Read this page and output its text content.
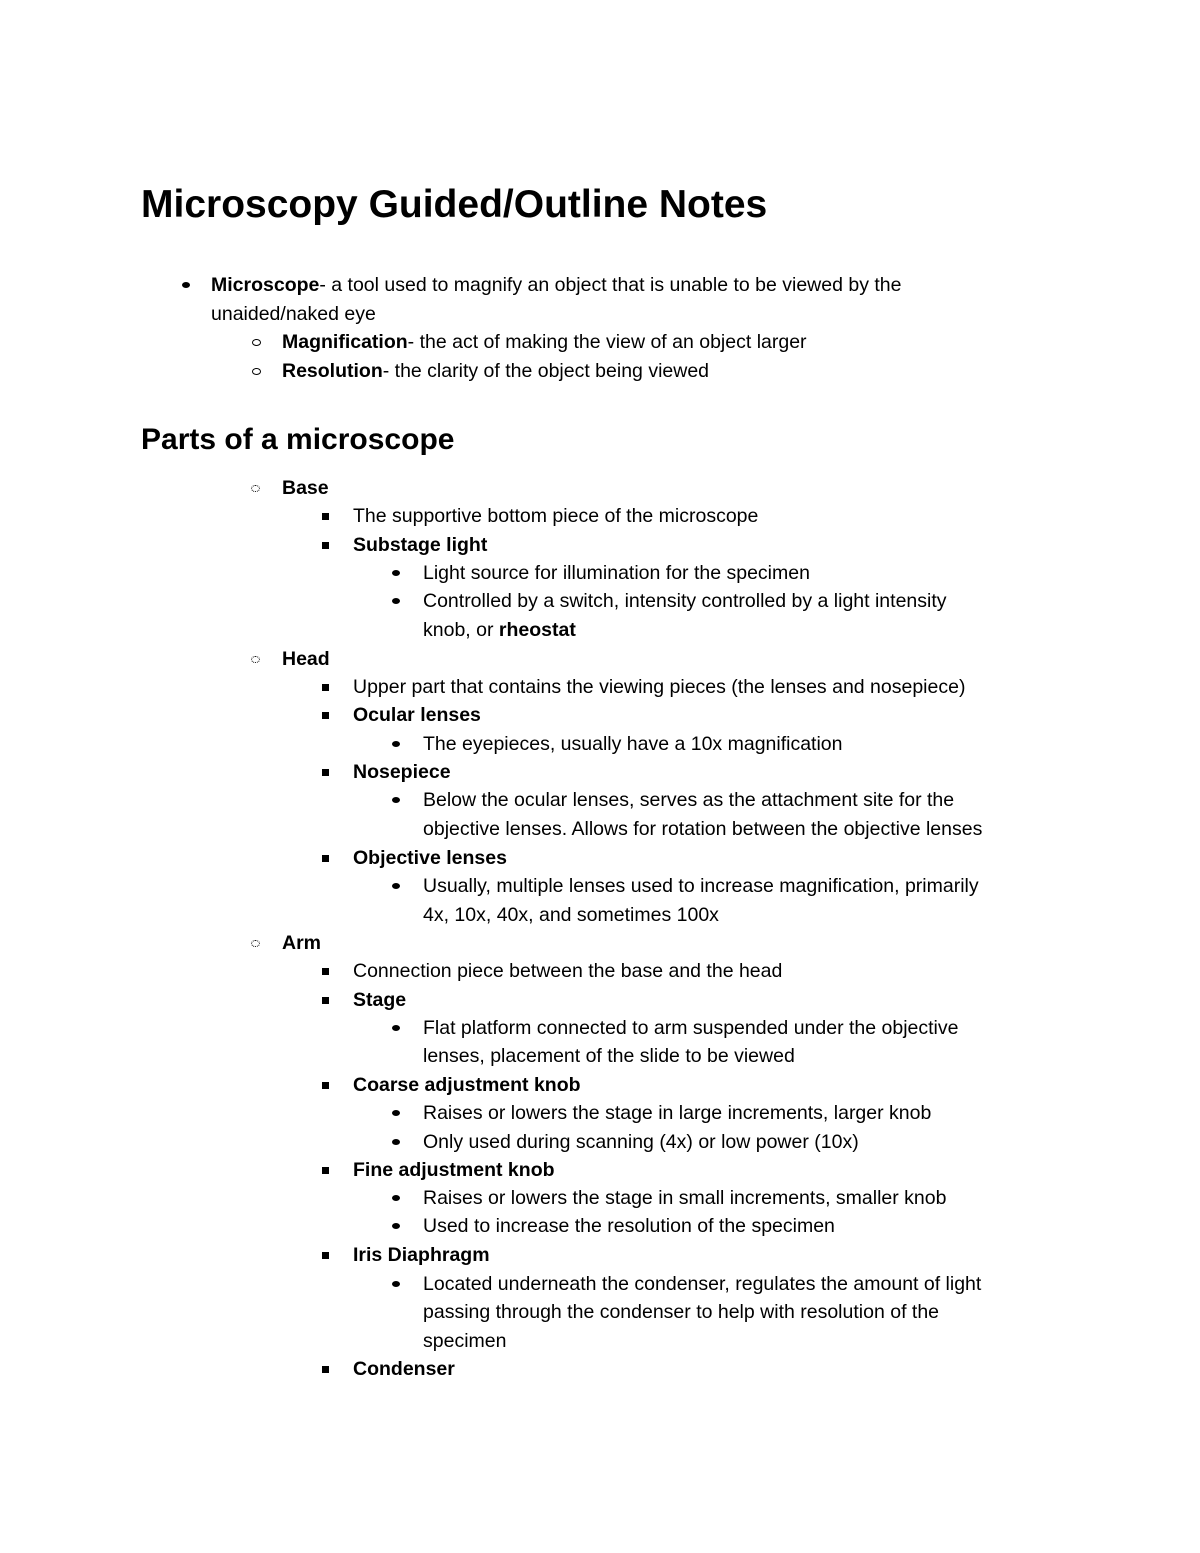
Microscopy Guided/Outline Notes
Microscope- a tool used to magnify an object that is unable to be viewed by the
unaided/naked eye
Magnification- the act of making the view of an object larger
Resolution- the clarity of the object being viewed
Parts of a microscope
Base
The supportive bottom piece of the microscope
Substage light
Light source for illumination for the specimen
Controlled by a switch, intensity controlled by a light intensity
knob, or rheostat
Head
Upper part that contains the viewing pieces (the lenses and nosepiece)
Ocular lenses
The eyepieces, usually have a 10x magnification
Nosepiece
Below the ocular lenses, serves as the attachment site for the
objective lenses. Allows for rotation between the objective lenses
Objective lenses
Usually, multiple lenses used to increase magnification, primarily
4x, 10x, 40x, and sometimes 100x
Arm
Connection piece between the base and the head
Stage
Flat platform connected to arm suspended under the objective
lenses, placement of the slide to be viewed
Coarse adjustment knob
Raises or lowers the stage in large increments, larger knob
Only used during scanning (4x) or low power (10x)
Fine adjustment knob
Raises or lowers the stage in small increments, smaller knob
Used to increase the resolution of the specimen
Iris Diaphragm
Located underneath the condenser, regulates the amount of light
passing through the condenser to help with resolution of the
specimen
Condenser
